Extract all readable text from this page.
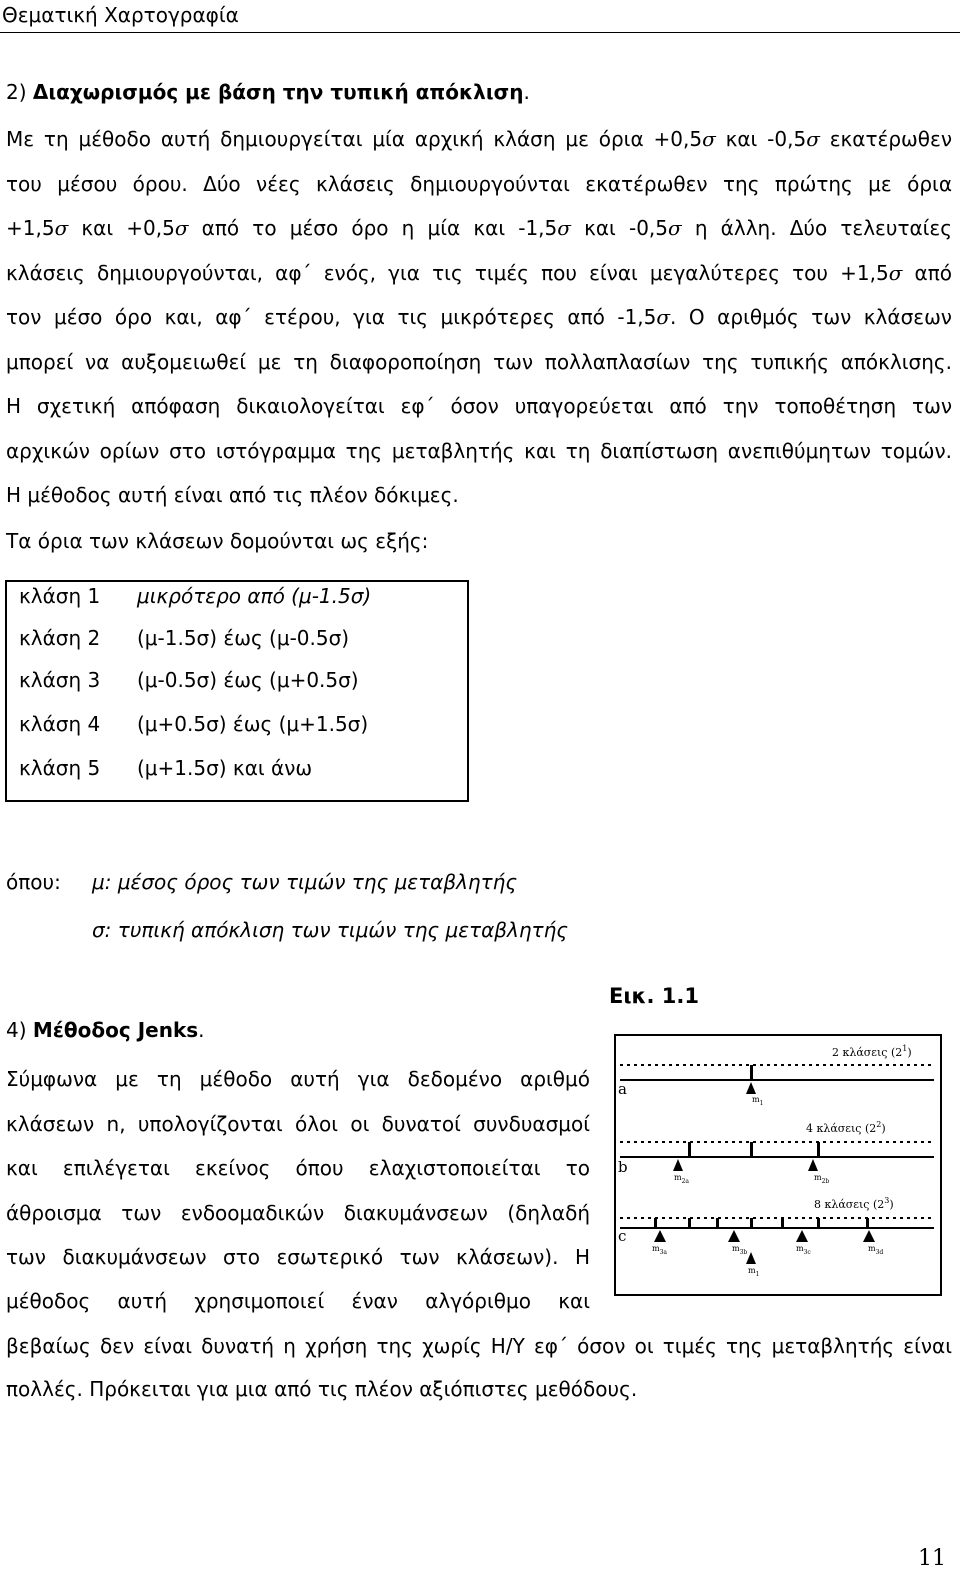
Θεματική Χαρτογραφία
2) Διαχωρισμός με βάση την τυπική απόκλιση.
Με τη μέθοδο αυτή δημιουργείται μία αρχική κλάση με όρια +0,5σ και -0,5σ εκατέρωθεν
του μέσου όρου. Δύο νέες κλάσεις δημιουργούνται εκατέρωθεν της πρώτης με όρια
+1,5σ και +0,5σ από το μέσο όρο η μία και -1,5σ και -0,5σ η άλλη. Δύο τελευταίες
κλάσεις δημιουργούνται, αφ΄ ενός, για τις τιμές που είναι μεγαλύτερες του +1,5σ από
τον μέσο όρο και, αφ΄ ετέρου, για τις μικρότερες από -1,5σ. Ο αριθμός των κλάσεων
μπορεί να αυξομειωθεί με τη διαφοροποίηση των πολλαπλασίων της τυπικής απόκλισης.
Η σχετική απόφαση δικαιολογείται εφ΄ όσον υπαγορεύεται από την τοποθέτηση των
αρχικών ορίων στο ιστόγραμμα της μεταβλητής και τη διαπίστωση ανεπιθύμητων τομών.
Η μέθοδος αυτή είναι από τις πλέον δόκιμες.
Τα όρια των κλάσεων δομούνται ως εξής:
κλάση 1 μικρότερο από (μ-1.5σ)
κλάση 2 (μ-1.5σ) έως (μ-0.5σ)
κλάση 3 (μ-0.5σ) έως (μ+0.5σ)
κλάση 4 (μ+0.5σ) έως (μ+1.5σ)
κλάση 5 (μ+1.5σ) και άνω
όπου: μ: μέσος όρος των τιμών της μεταβλητής
σ: τυπική απόκλιση των τιμών της μεταβλητής
Εικ. 1.1
4) Μέθοδος Jenks.
Σύμφωνα με τη μέθοδο αυτή για δεδομένο αριθμό
κλάσεων n, υπολογίζονται όλοι οι δυνατοί συνδυασμοί
και επιλέγεται εκείνος όπου ελαχιστοποιείται το
άθροισμα των ενδοομαδικών διακυμάνσεων (δηλαδή
των διακυμάνσεων στο εσωτερικό των κλάσεων). Η
μέθοδος αυτή χρησιμοποιεί έναν αλγόριθμο και
βεβαίως δεν είναι δυνατή η χρήση της χωρίς Η/Υ εφ΄ όσον οι τιμές της μεταβλητής είναι
πολλές. Πρόκειται για μια από τις πλέον αξιόπιστες μεθόδους.
2 κλάσεις $(2^1)$
a
$m_1$
4 κλάσεις $(2^2)$
b
$m_{2a}$	$m_{2b}$
8 κλάσεις $(2^3)$
c
$m_{3a}$	$m_{3b}$	$m_{3c}$	$m_{3d}$
$m_1$
11
